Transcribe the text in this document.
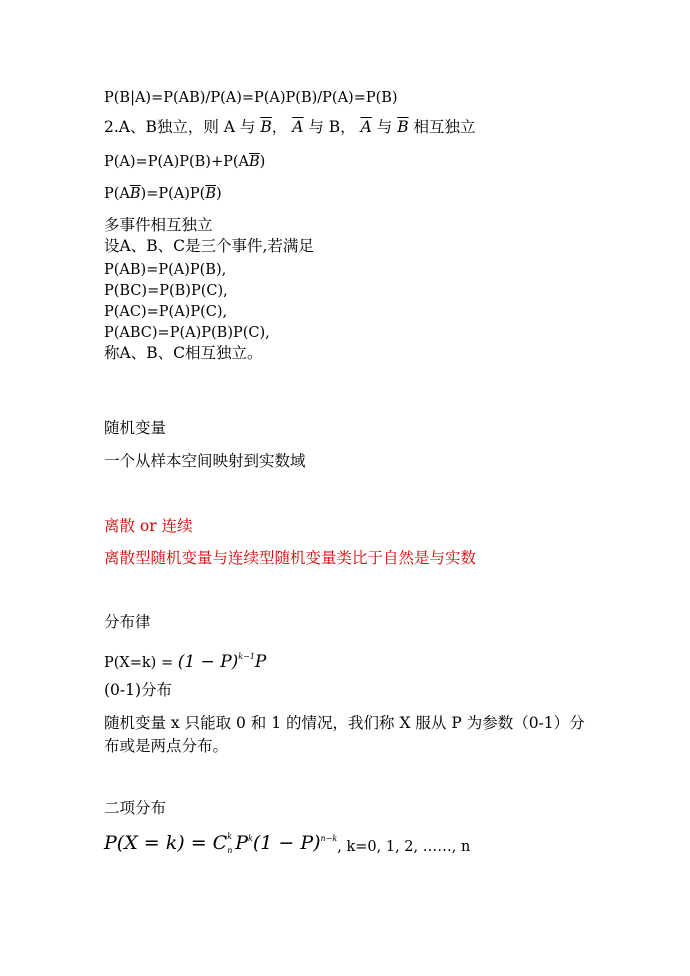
P(B|A)=P(AB)/P(A)=P(A)P(B)/P(A)=P(B)
2.A、B独立，则 A 与 $\overline{B}$， $\overline{A}$ 与 B， $\overline{A}$ 与 $\overline{B}$ 相互独立
$P(A)=P(A)P(B)+P(A\overline{B})$
$P(A\overline{B})=P(A)P(\overline{B})$
多事件相互独立
设A、B、C是三个事件,若满足
P(AB)=P(A)P(B),
P(BC)=P(B)P(C),
P(AC)=P(A)P(C),
P(ABC)=P(A)P(B)P(C),
称A、B、C相互独立。
随机变量
一个从样本空间映射到实数域
离散 or 连续
离散型随机变量与连续型随机变量类比于自然是与实数
分布律
$P(X=k) = (1 - P)^{k-1}P$
(0-1)分布
随机变量 x 只能取 0 和 1 的情况，我们称 X 服从 P 为参数（0-1）分
布或是两点分布。
二项分布
P(X = k) = C k
n $P^k(1 - P)^{n-k}$, k=0, 1, 2, ……, n
